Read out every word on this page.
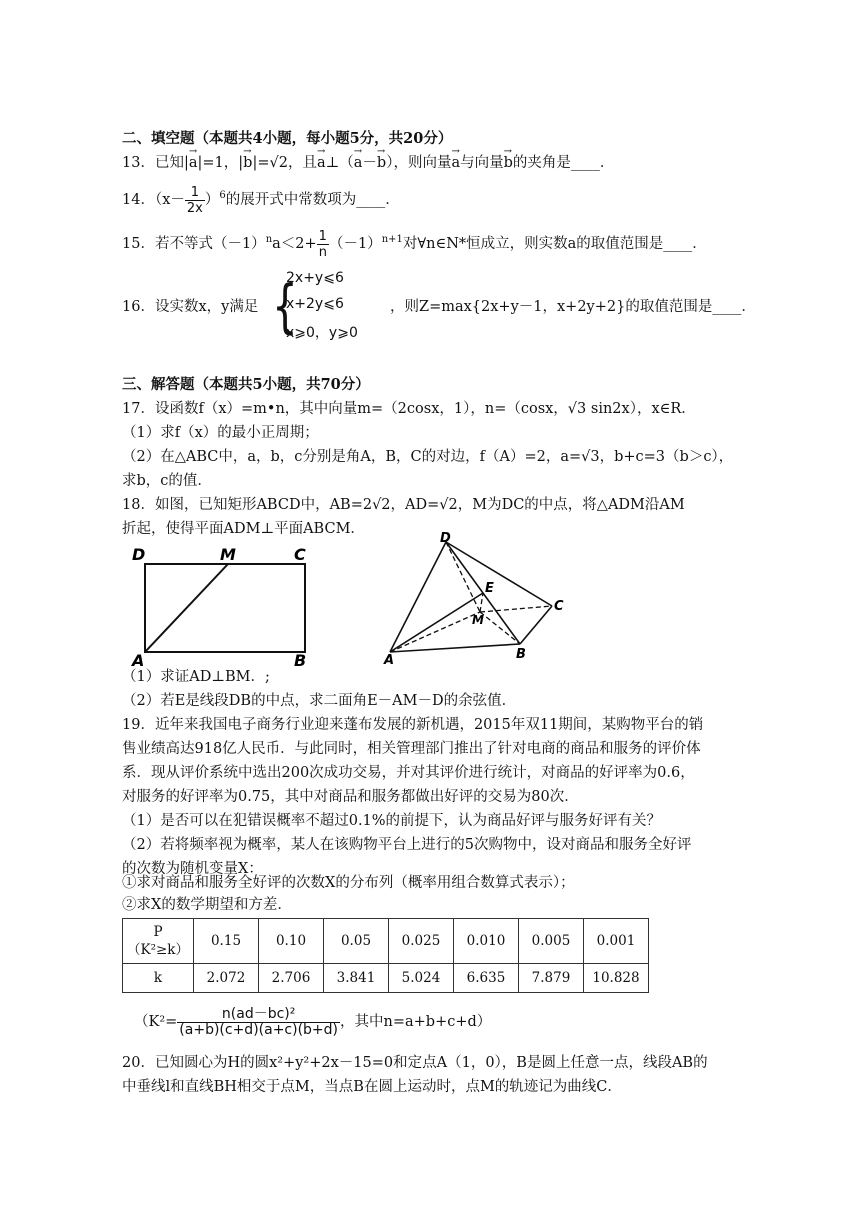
二、填空题（本题共4小题，每小题5分，共20分）
13．已知|→ a|=1，|→ b|=√2，且→ a⊥（→ a－→ b），则向量→ a与向量→ b的夹角是____．
14．$(x- \frac{1}{2x} )^6$的展开式中常数项为____．
15．若不等式$(-1)^na<2+ \frac{1}{n} (-1)^{n+1}$对∀n∈N*恒成立，则实数a的取值范围是____．
16．设实数x，y满足 {
2x+y⩽6
x+2y⩽6
x⩾0，y⩾0
，则Z=max{2x+y－1，x+2y+2}的取值范围是____．
三、解答题（本题共5小题，共70分）
17．设函数f（x）=m•n，其中向量m=（2cosx，1），n=（cosx，√3 sin2x），x∈R．
（1）求f（x）的最小正周期；
（2）在△ABC中，a，b，c分别是角A，B，C的对边，f（A）=2，a=√3，b+c=3（b＞c），
求b，c的值．
18．如图，已知矩形ABCD中，AB=2√2，AD=√2，M为DC的中点，将△ADM沿AM
折起，使得平面ADM⊥平面ABCM．
D	M	C
A	B
D
E
M
C
A	B
（1）求证AD⊥BM．;
（2）若E是线段DB的中点，求二面角E－AM－D的余弦值．
19．近年来我国电子商务行业迎来蓬布发展的新机遇，2015年双11期间，某购物平台的销
售业绩高达918亿人民币．与此同时，相关管理部门推出了针对电商的商品和服务的评价体
系．现从评价系统中选出200次成功交易，并对其评价进行统计，对商品的好评率为0.6，
对服务的好评率为0.75，其中对商品和服务都做出好评的交易为80次．
（1）是否可以在犯错误概率不超过0.1%的前提下，认为商品好评与服务好评有关？
（2）若将频率视为概率，某人在该购物平台上进行的5次购物中，设对商品和服务全好评
的次数为随机变量X：
①求对商品和服务全好评的次数X的分布列（概率用组合数算式表示）；
②求X的数学期望和方差．
P（K²≥k）	0.15	0.10	0.05	0.025	0.010	0.005	0.001
k	2.072	2.706	3.841	5.024	6.635	7.879	10.828
（$K^2= \frac{\text{n(ad－bc)²}}{(a+b)(c+d)(a+c)(b+d)}$ ，其中n=a+b+c+d）
20．已知圆心为H的圆x²+y²+2x－15=0和定点A（1，0），B是圆上任意一点，线段AB的
中垂线l和直线BH相交于点M，当点B在圆上运动时，点M的轨迹记为曲线C．
